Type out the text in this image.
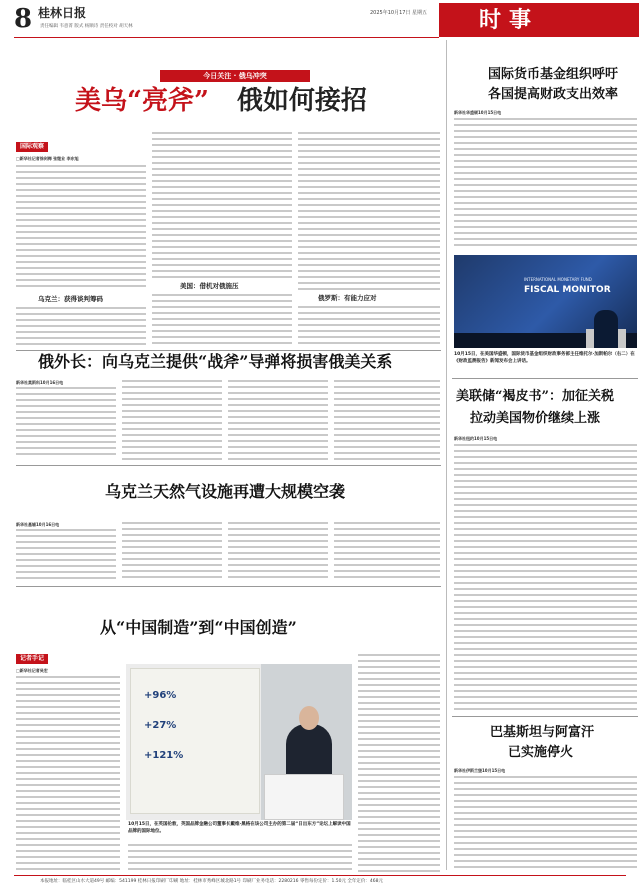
8 桂林日报
责任编辑 韦意菁 版式 杨顺诗 责任校对 胡天林
2025年10月17日 星期五 时事
今日关注 · 俄乌冲突
美乌“亮斧” 俄如何接招
国际观察
□新华社记者徐剑梅 张继业 李东旭
乌克兰：获得谈判筹码
美国：借机对俄施压
俄罗斯：有能力应对
俄外长：向乌克兰提供“战斧”导弹将损害俄美关系
新华社莫斯科10月16日电
乌克兰天然气设施再遭大规模空袭
新华社基辅10月16日电
从“中国制造”到“中国创造”
记者手记
□新华社记者吴宏
+96%
+27%
+121%
10月15日，在英国伦敦，英国品牌金融公司董事长戴维·黑格在该公司主办的第二届“日出东方”论坛上解读中国品牌的国际地位。
国际货币基金组织呼吁
各国提高财政支出效率
新华社华盛顿10月15日电
INTERNATIONAL MONETARY FUND
FISCAL MONITOR
10月15日，在美国华盛顿，国际货币基金组织财政事务部主任维托尔·加斯帕尔（右二）在《财政监测报告》新闻发布会上讲话。
美联储“褐皮书”：加征关税
拉动美国物价继续上涨
新华社纽约10月15日电
巴基斯坦与阿富汗
已实施停火
新华社伊斯兰堡10月15日电
本报地址：临桂区山水大道49号 邮编：541199 桂林日报印刷厂印刷 地址：桂林市秀峰区城北路1号 印刷厂业务电话：2280216 零售每份定价：1.50元 全年定价：468元
